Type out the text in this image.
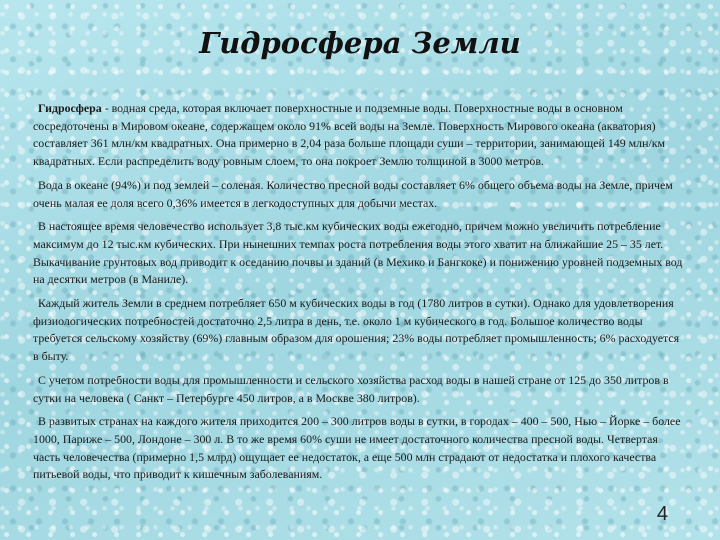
Гидросфера Земли

Гидросфера - водная среда, которая включает поверхностные и подземные воды. Поверхностные воды в основном сосредоточены в Мировом океане, содержащем около 91% всей воды на Земле. Поверхность Мирового океана (акватория) составляет 361 млн/км квадратных. Она примерно в 2,04 раза больше площади суши – территории, занимающей 149 млн/км квадратных. Если распределить воду ровным слоем, то она покроет Землю толщиной в 3000 метров.

Вода в океане (94%) и под землей – соленая. Количество пресной воды составляет 6% общего объема воды на Земле, причем очень малая ее доля всего 0,36% имеется в легкодоступных для добычи местах.

В настоящее время человечество использует 3,8 тыс.км кубических воды ежегодно, причем можно увеличить потребление максимум до 12 тыс.км кубических. При нынешних темпах роста потребления воды этого хватит на ближайшие 25 – 35 лет. Выкачивание грунтовых вод приводит к оседанию почвы и зданий (в Мехико и Бангкоке) и понижению уровней подземных вод на десятки метров (в Маниле).

Каждый житель Земли в среднем потребляет 650 м кубических воды в год (1780 литров в сутки). Однако для удовлетворения физиологических потребностей достаточно 2,5 литра в день, т.е. около 1 м кубического в год. Большое количество воды требуется сельскому хозяйству (69%) главным образом для орошения; 23% воды потребляет промышленность; 6% расходуется в быту.

С учетом потребности воды для промышленности и сельского хозяйства расход воды в нашей стране от 125 до 350 литров в сутки на человека ( Санкт – Петербурге 450 литров, а в Москве 380 литров).

В развитых странах на каждого жителя приходится 200 – 300 литров воды в сутки, в городах – 400 – 500, Нью – Йорке – более 1000, Париже – 500, Лондоне – 300 л. В то же время 60% суши не имеет достаточного количества пресной воды. Четвертая часть человечества (примерно 1,5 млрд) ощущает ее недостаток, а еще 500 млн страдают от недостатка и плохого качества питьевой воды, что приводит к кишечным заболеваниям.

4
